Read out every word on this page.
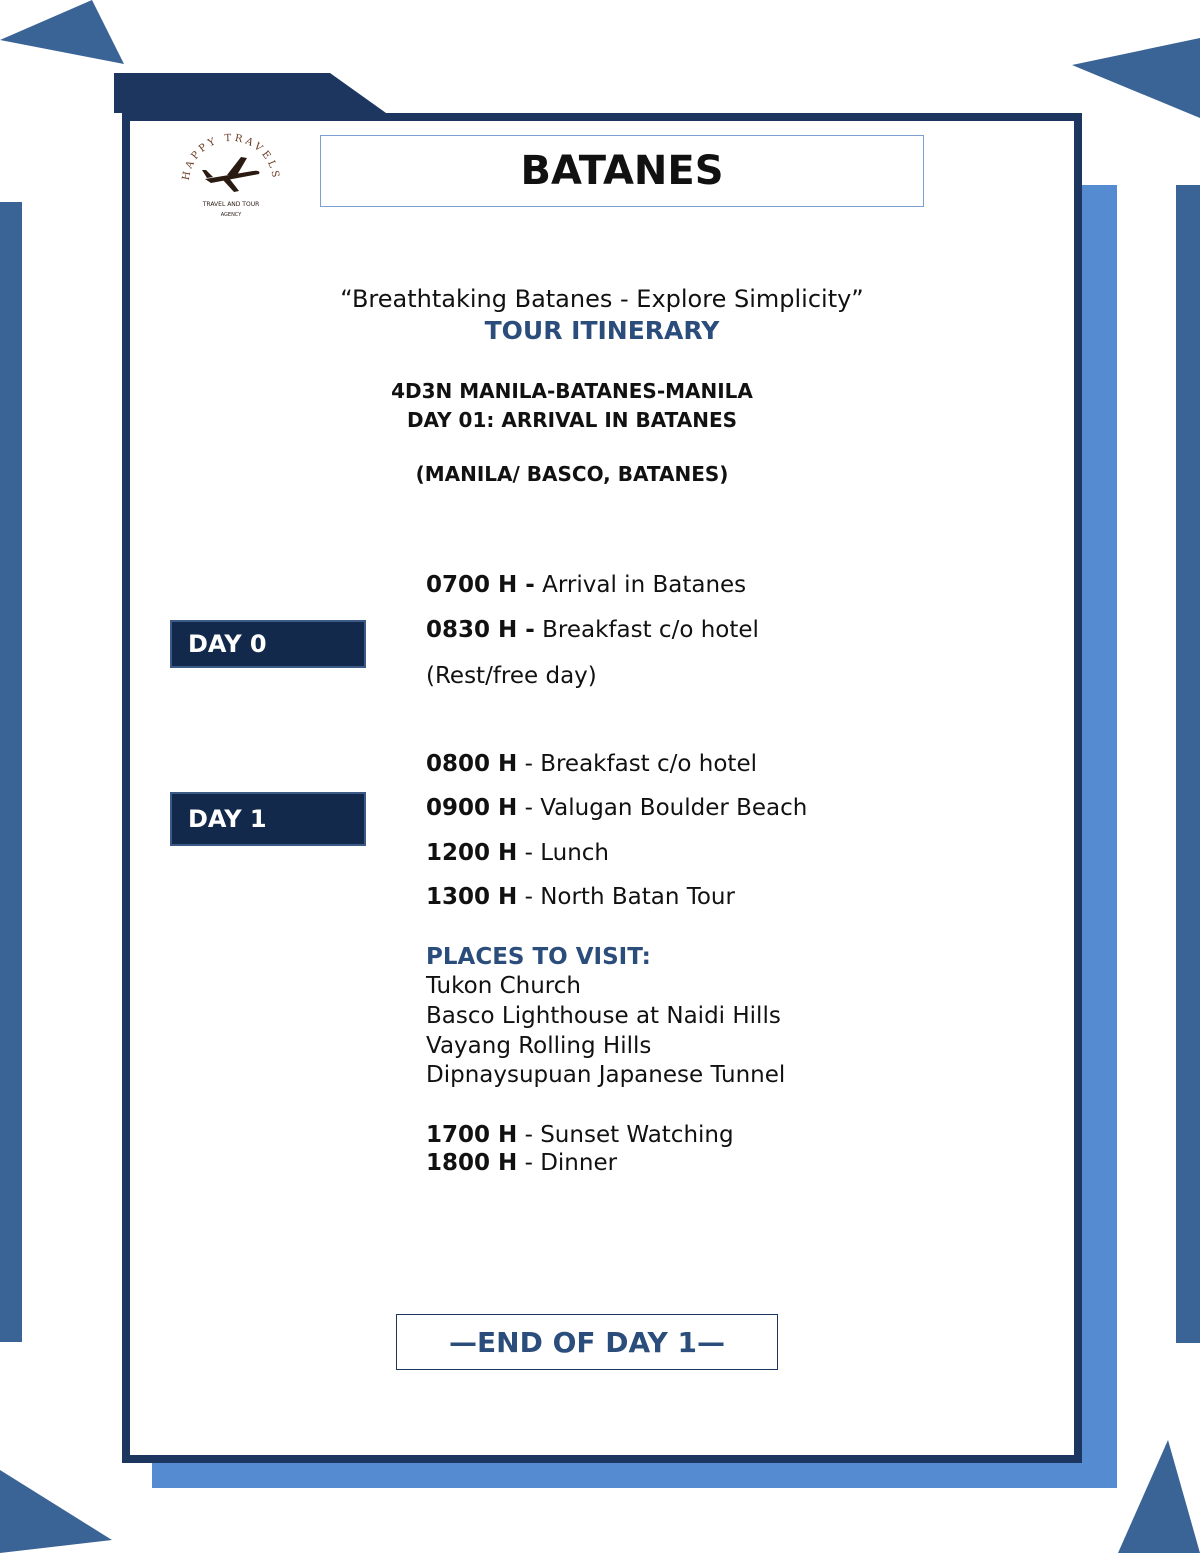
HAPPY TRAVELS
TRAVEL AND TOUR
AGENCY
BATANES
“Breathtaking Batanes - Explore Simplicity”
TOUR ITINERARY
4D3N MANILA-BATANES-MANILA
DAY 01: ARRIVAL IN BATANES
(MANILA/ BASCO, BATANES)
DAY 0
0700 H - Arrival in Batanes
0830 H - Breakfast c/o hotel
(Rest/free day)
DAY 1
0800 H - Breakfast c/o hotel
0900 H - Valugan Boulder Beach
1200 H - Lunch
1300 H - North Batan Tour
PLACES TO VISIT:
Tukon Church
Basco Lighthouse at Naidi Hills
Vayang Rolling Hills
Dipnaysupuan Japanese Tunnel
1700 H - Sunset Watching
1800 H - Dinner
—END OF DAY 1—
